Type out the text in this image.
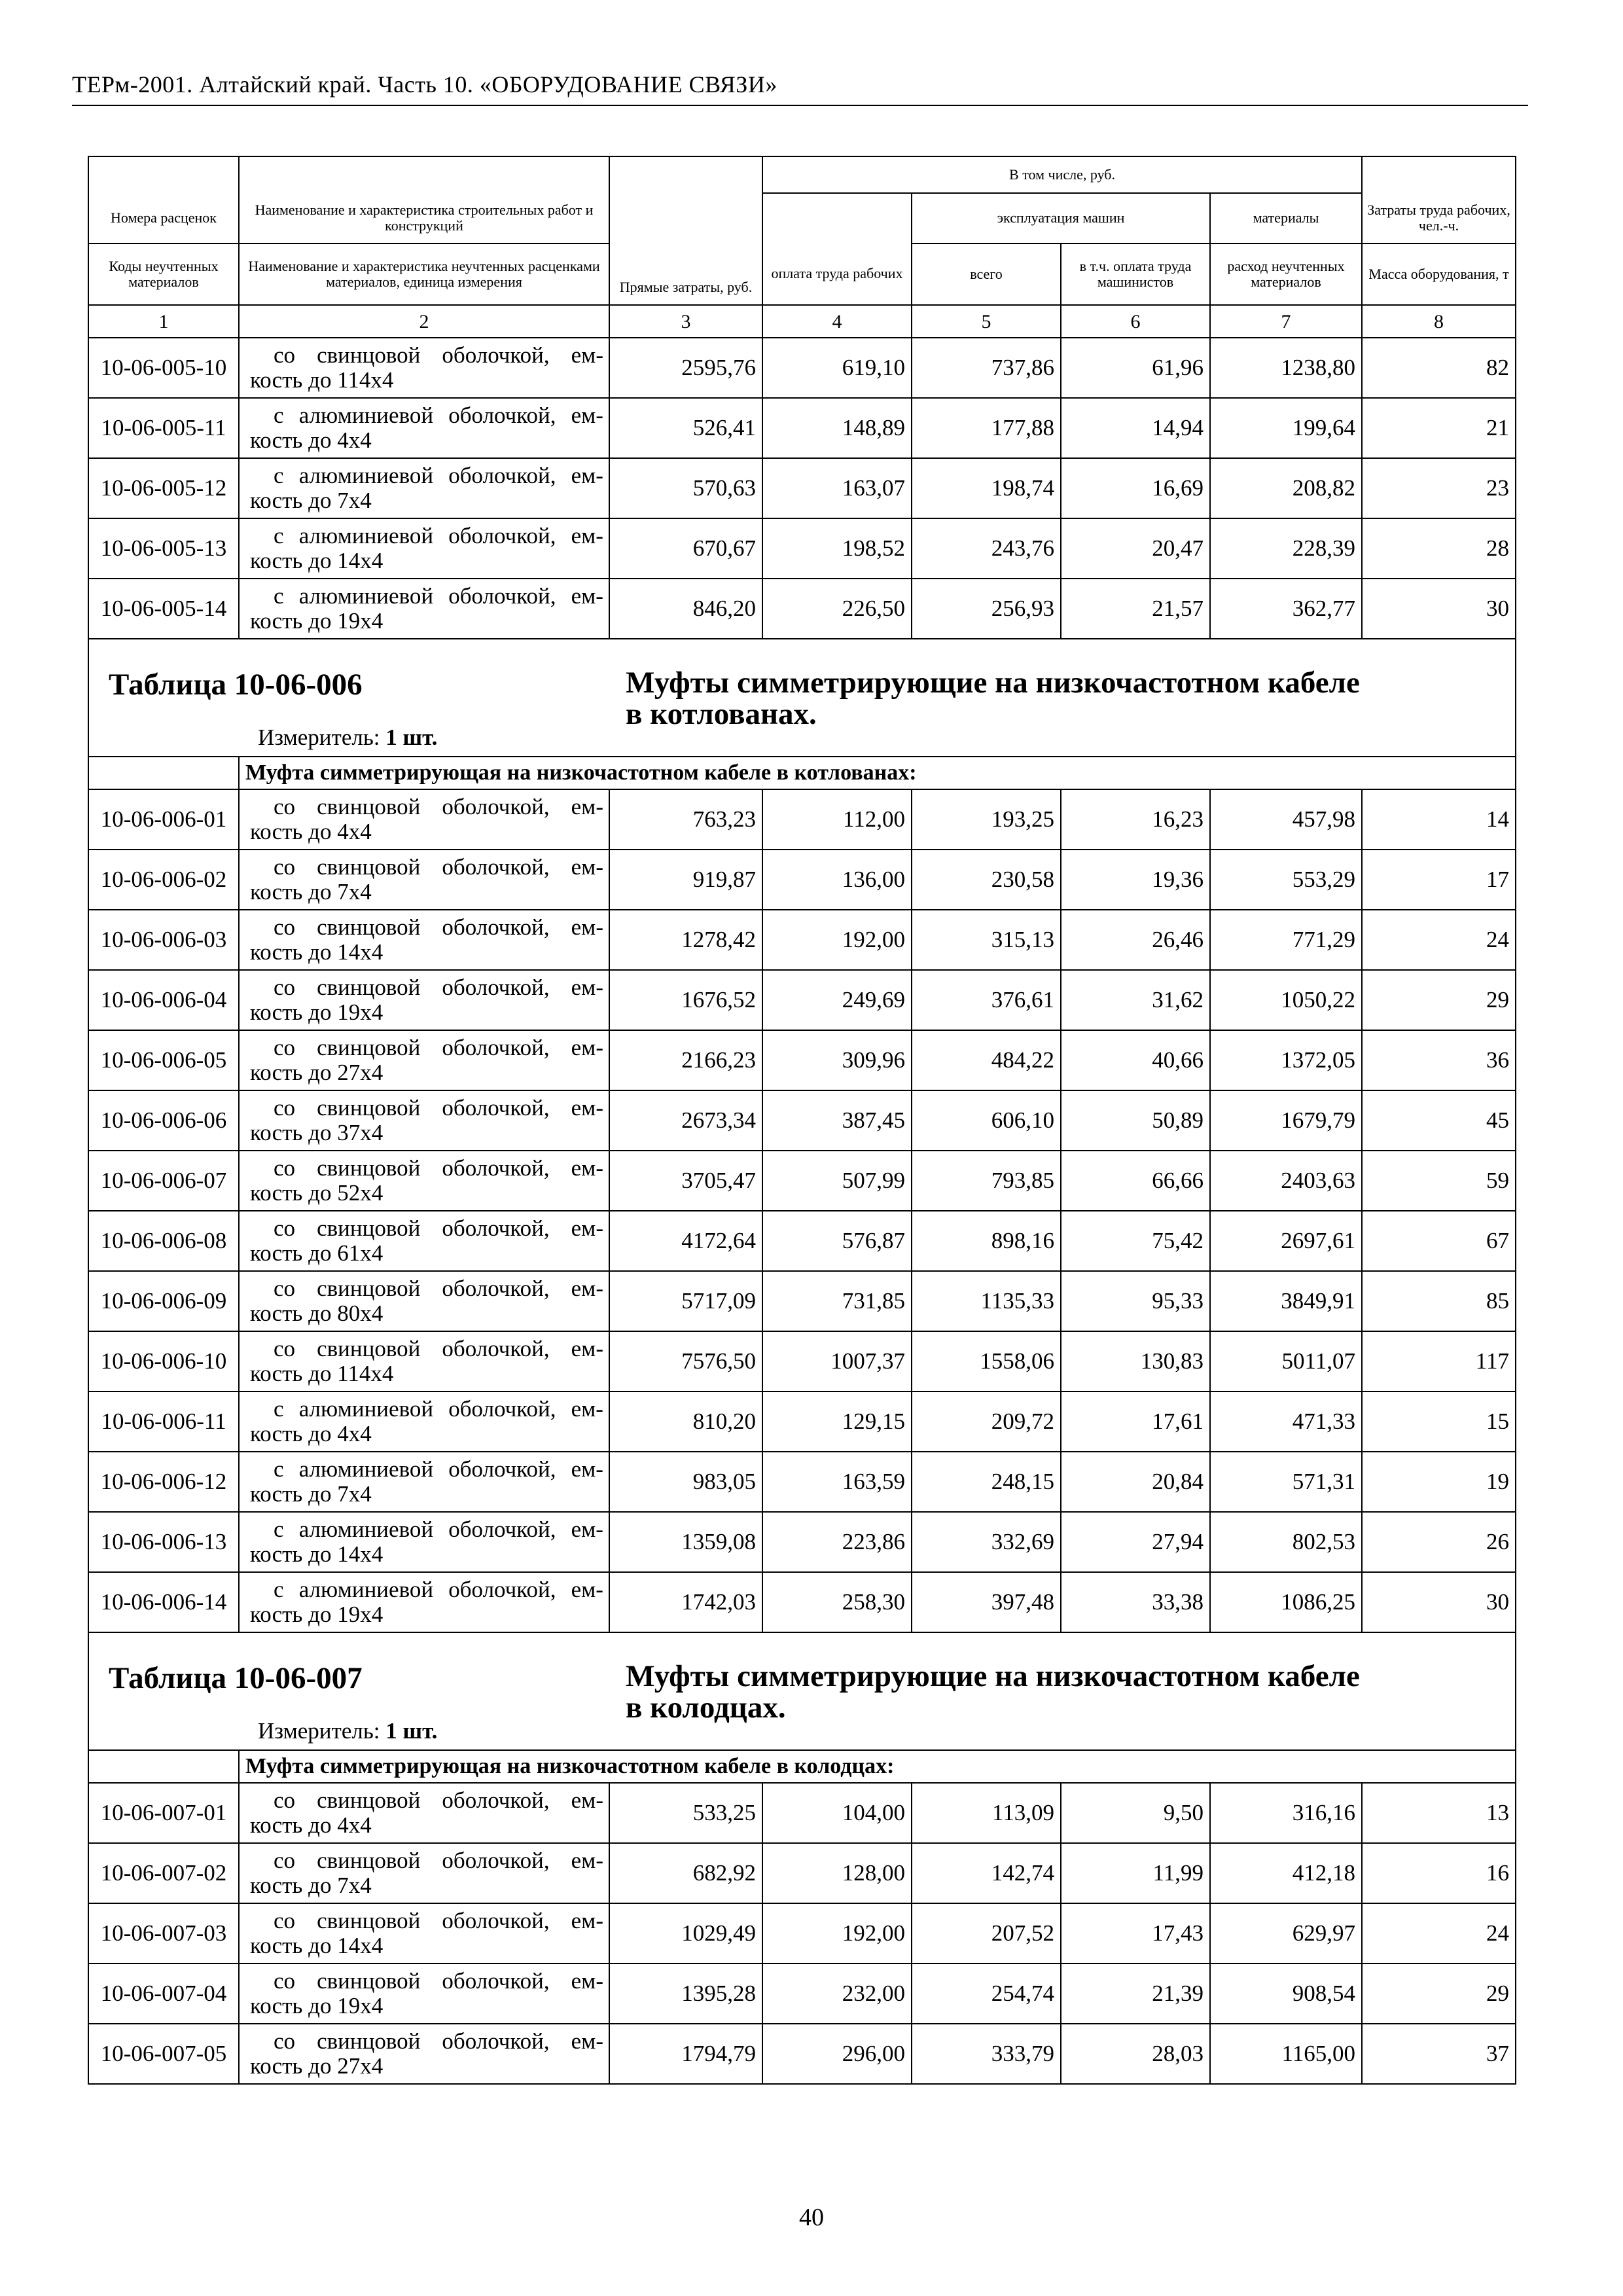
ТЕРм-2001. Алтайский край. Часть 10. «ОБОРУДОВАНИЕ СВЯЗИ»
			В том числе, руб.				
Номера расценок	Наименование и характеристика строительных работ и конструкций	Прямые затраты, руб.		эксплуатация машин		материалы	Затраты труда рабочих, чел.-ч.
Коды неучтенных материалов	Наименование и характеристика неучтенных расценками материалов, единица измерения		оплата труда рабочих	всего	в т.ч. оплата труда машинистов	расход неучтенных материалов	Масса оборудования, т
1	2	3	4	5	6	7	8
10-06-005-10	со свинцовой оболочкой, ем-
кость до 114х4	2595,76	619,10	737,86	61,96	1238,80	82
10-06-005-11	с алюминиевой оболочкой, ем-
кость до 4х4	526,41	148,89	177,88	14,94	199,64	21
10-06-005-12	с алюминиевой оболочкой, ем-
кость до 7х4	570,63	163,07	198,74	16,69	208,82	23
10-06-005-13	с алюминиевой оболочкой, ем-
кость до 14х4	670,67	198,52	243,76	20,47	228,39	28
10-06-005-14	с алюминиевой оболочкой, ем-
кость до 19х4	846,20	226,50	256,93	21,57	362,77	30

Таблица 10-06-006 Муфты симметрирующие на низкочастотном кабеле
в котлованах.
Измеритель: 1 шт.							

	Муфта симметрирующая на низкочастотном кабеле в котлованах:						
10-06-006-01	со свинцовой оболочкой, ем-
кость до 4х4	763,23	112,00	193,25	16,23	457,98	14
10-06-006-02	со свинцовой оболочкой, ем-
кость до 7х4	919,87	136,00	230,58	19,36	553,29	17
10-06-006-03	со свинцовой оболочкой, ем-
кость до 14х4	1278,42	192,00	315,13	26,46	771,29	24
10-06-006-04	со свинцовой оболочкой, ем-
кость до 19х4	1676,52	249,69	376,61	31,62	1050,22	29
10-06-006-05	со свинцовой оболочкой, ем-
кость до 27х4	2166,23	309,96	484,22	40,66	1372,05	36
10-06-006-06	со свинцовой оболочкой, ем-
кость до 37х4	2673,34	387,45	606,10	50,89	1679,79	45
10-06-006-07	со свинцовой оболочкой, ем-
кость до 52х4	3705,47	507,99	793,85	66,66	2403,63	59
10-06-006-08	со свинцовой оболочкой, ем-
кость до 61х4	4172,64	576,87	898,16	75,42	2697,61	67
10-06-006-09	со свинцовой оболочкой, ем-
кость до 80х4	5717,09	731,85	1135,33	95,33	3849,91	85
10-06-006-10	со свинцовой оболочкой, ем-
кость до 114х4	7576,50	1007,37	1558,06	130,83	5011,07	117
10-06-006-11	с алюминиевой оболочкой, ем-
кость до 4х4	810,20	129,15	209,72	17,61	471,33	15
10-06-006-12	с алюминиевой оболочкой, ем-
кость до 7х4	983,05	163,59	248,15	20,84	571,31	19
10-06-006-13	с алюминиевой оболочкой, ем-
кость до 14х4	1359,08	223,86	332,69	27,94	802,53	26
10-06-006-14	с алюминиевой оболочкой, ем-
кость до 19х4	1742,03	258,30	397,48	33,38	1086,25	30

Таблица 10-06-007 Муфты симметрирующие на низкочастотном кабеле
в колодцах.
Измеритель: 1 шт.							

	Муфта симметрирующая на низкочастотном кабеле в колодцах:						
10-06-007-01	со свинцовой оболочкой, ем-
кость до 4х4	533,25	104,00	113,09	9,50	316,16	13
10-06-007-02	со свинцовой оболочкой, ем-
кость до 7х4	682,92	128,00	142,74	11,99	412,18	16
10-06-007-03	со свинцовой оболочкой, ем-
кость до 14х4	1029,49	192,00	207,52	17,43	629,97	24
10-06-007-04	со свинцовой оболочкой, ем-
кость до 19х4	1395,28	232,00	254,74	21,39	908,54	29
10-06-007-05	со свинцовой оболочкой, ем-
кость до 27х4	1794,79	296,00	333,79	28,03	1165,00	37
40
